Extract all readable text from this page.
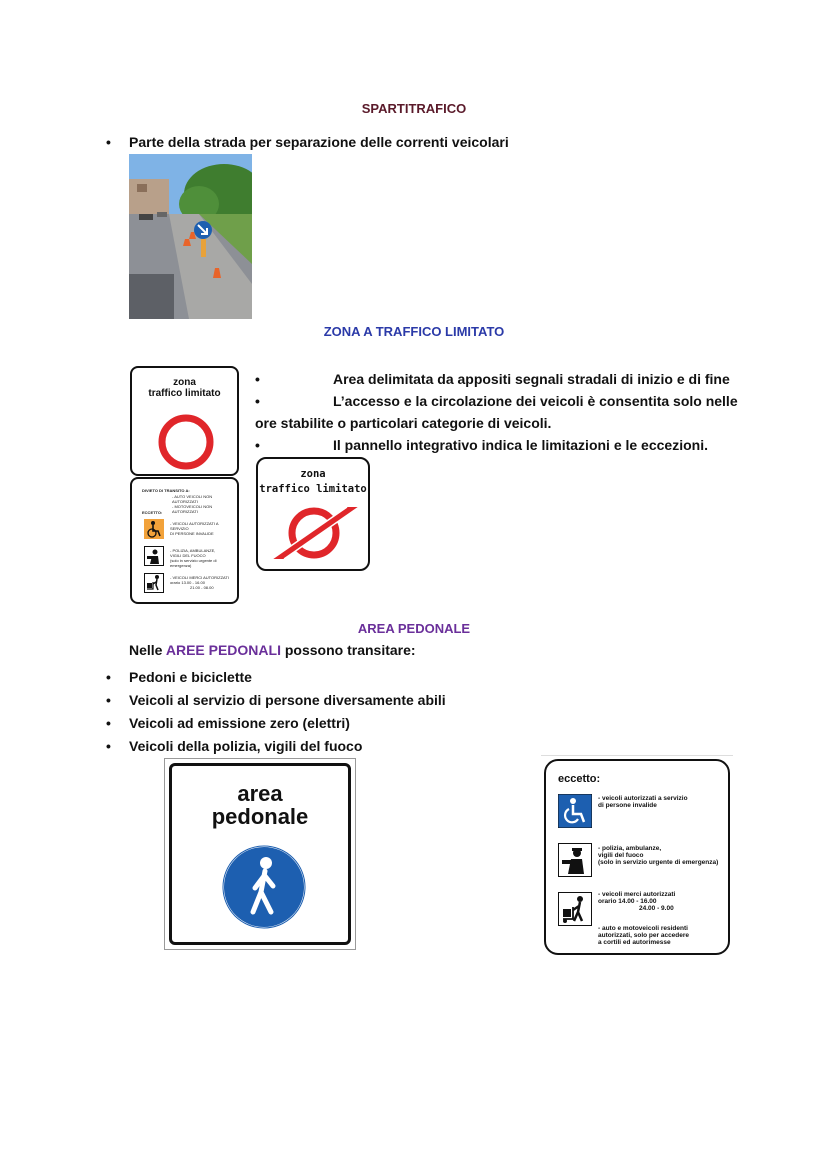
SPARTITRAFICO
• Parte della strada per separazione delle correnti veicolari
ZONA A TRAFFICO LIMITATO
zona
traffico limitato
DIVIETO DI TRANSITO A:
- AUTO VEICOLI NON AUTORIZZATI
- MOTOVEICOLI NON AUTORIZZATI
ECCETTO:
- VEICOLI AUTORIZZATI A SERVIZIO
DI PERSONE INVALIDE
- POLIZIA, AMBULANZE,
VIGILI DEL FUOCO
(solo in servizio urgente di emergenza)
- VEICOLI MERCI AUTORIZZATI
orario 13.00 - 16.00
21.00 - 08.00
•	Area delimitata da appositi segnali stradali di inizio e di fine
•	L’accesso e la circolazione dei veicoli è consentita solo nelle
ore stabilite o particolari categorie di veicoli.
•	Il pannello integrativo indica le limitazioni e le eccezioni.
zona
traffico limitato
AREA PEDONALE
Nelle AREE PEDONALI possono transitare:
• Pedoni e biciclette
• Veicoli al servizio di persone diversamente abili
• Veicoli ad emissione zero (elettri)
• Veicoli della polizia, vigili del fuoco
area
pedonale
eccetto:
- veicoli autorizzati a servizio
di persone invalide
- polizia, ambulanze,
vigili del fuoco
(solo in servizio urgente di emergenza)
- veicoli merci autorizzati
orario 14.00 - 16.00
24.00 - 9.00
- auto e motoveicoli residenti
autorizzati, solo per accedere
a cortili ed autorimesse
